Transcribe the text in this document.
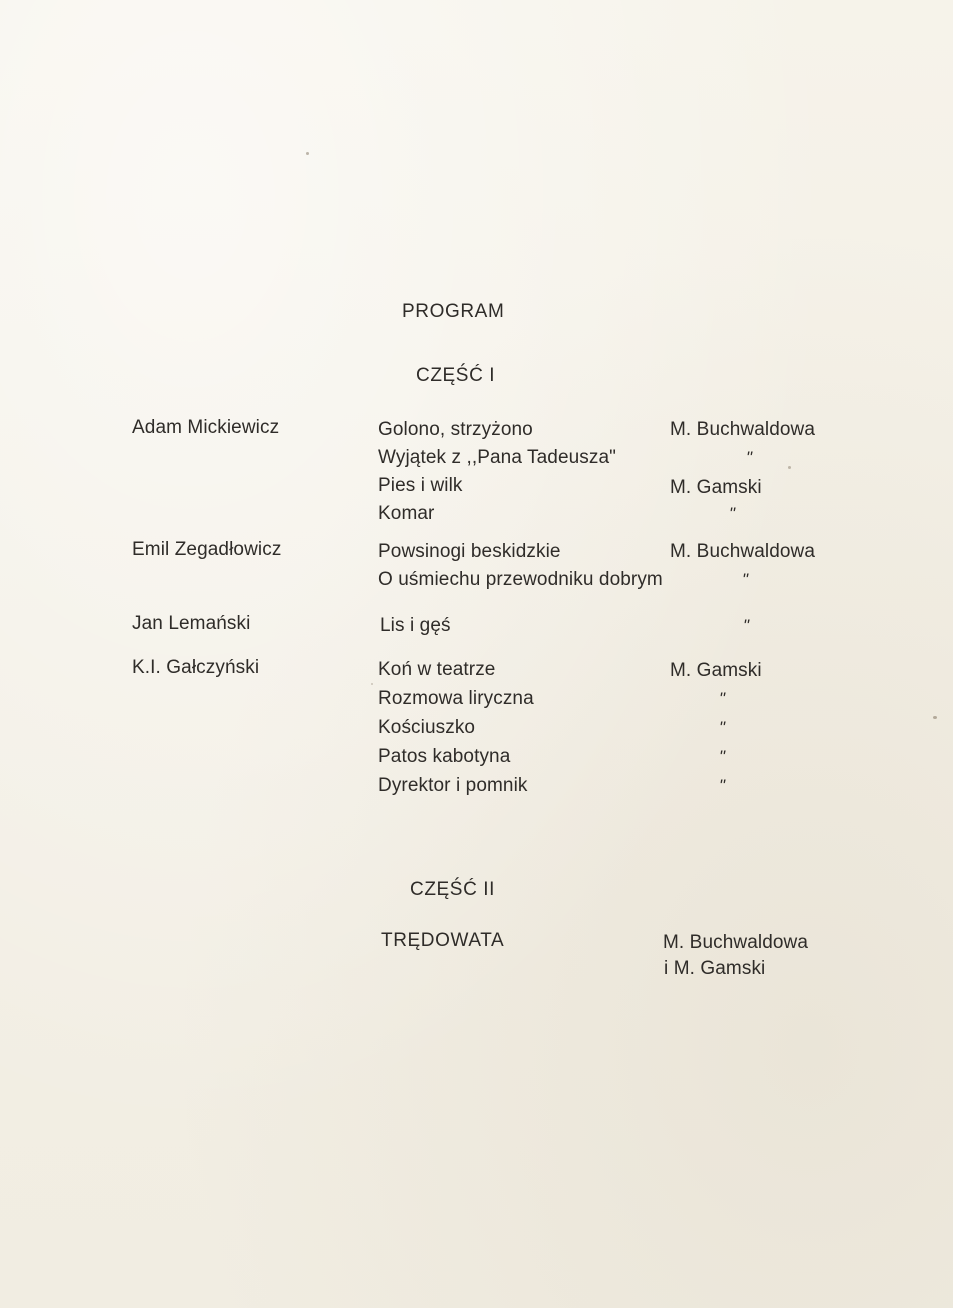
PROGRAM
CZĘŚĆ I
Adam Mickiewicz
Emil Zegadłowicz
Jan Lemański
K.I. Gałczyński
Golono, strzyżono
Wyjątek z ,,Pana Tadeusza"
Pies i wilk
Komar
Powsinogi beskidzkie
O uśmiechu przewodniku dobrym
Lis i gęś
Koń w teatrze
Rozmowa liryczna
Kościuszko
Patos kabotyna
Dyrektor i pomnik
M. Buchwaldowa
"
M. Gamski
"
M. Buchwaldowa
"
"
M. Gamski
"
"
"
"
CZĘŚĆ II
TRĘDOWATA	M. Buchwaldowa
i M. Gamski
